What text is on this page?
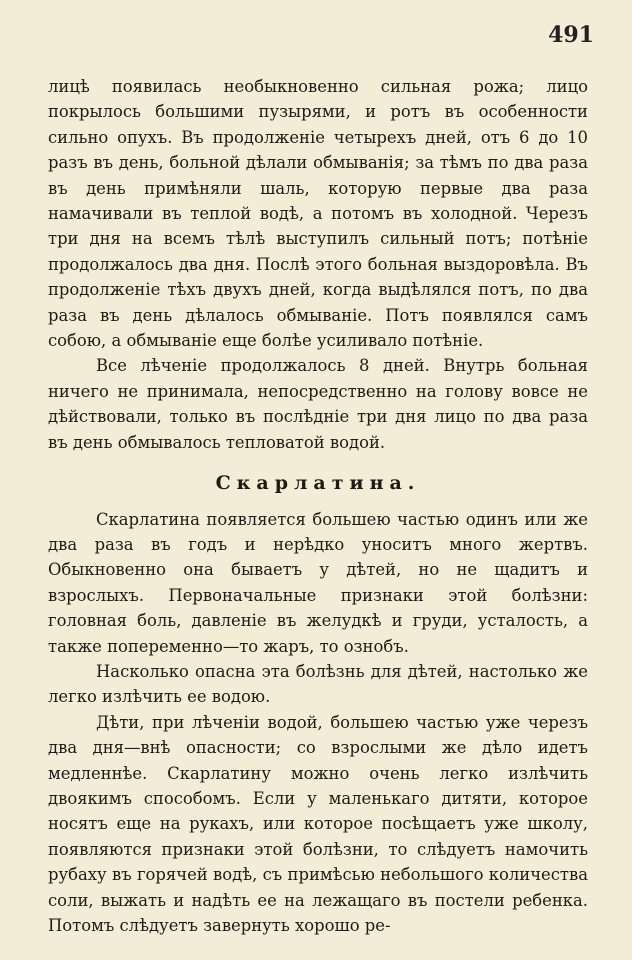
491

лицѣ появилась необыкновенно сильная рожа; лицо покрылось большими пузырями, и ротъ въ особенности сильно опухъ. Въ продолженіе четырехъ дней, отъ 6 до 10 разъ въ день, больной дѣлали обмыванія; за тѣмъ по два раза въ день примѣняли шаль, которую первые два раза намачивали въ теплой водѣ, а потомъ въ холодной. Черезъ три дня на всемъ тѣлѣ выступилъ сильный потъ; потѣніе продолжалось два дня. Послѣ этого больная выздоровѣла. Въ продолженіе тѣхъ двухъ дней, когда выдѣлялся потъ, по два раза въ день дѣлалось обмываніе. Потъ появлялся самъ собою, а обмываніе еще болѣе усиливало потѣніе.

Все лѣченіе продолжалось 8 дней. Внутрь больная ничего не принимала, непосредственно на голову вовсе не дѣйствовали, только въ послѣдніе три дня лицо по два раза въ день обмывалось тепловатой водой.

Скарлатина.

Скарлатина появляется большею частью одинъ или же два раза въ годъ и нерѣдко уноситъ много жертвъ. Обыкновенно она бываетъ у дѣтей, но не щадитъ и взрослыхъ. Первоначальные признаки этой болѣзни: головная боль, давленіе въ желудкѣ и груди, усталость, а также попеременно—то жаръ, то ознобъ.

Насколько опасна эта болѣзнь для дѣтей, настолько же легко излѣчить ее водою.

Дѣти, при лѣченіи водой, большею частью уже черезъ два дня—внѣ опасности; со взрослыми же дѣло идетъ медленнѣе. Скарлатину можно очень легко излѣчить двоякимъ способомъ. Если у маленькаго дитяти, которое носятъ еще на рукахъ, или которое посѣщаетъ уже школу, появляются признаки этой болѣзни, то слѣдуетъ намочить рубаху въ горячей водѣ, съ примѣсью небольшого количества соли, выжать и надѣть ее на лежащаго въ постели ребенка. Потомъ слѣдуетъ завернуть хорошо ре-
